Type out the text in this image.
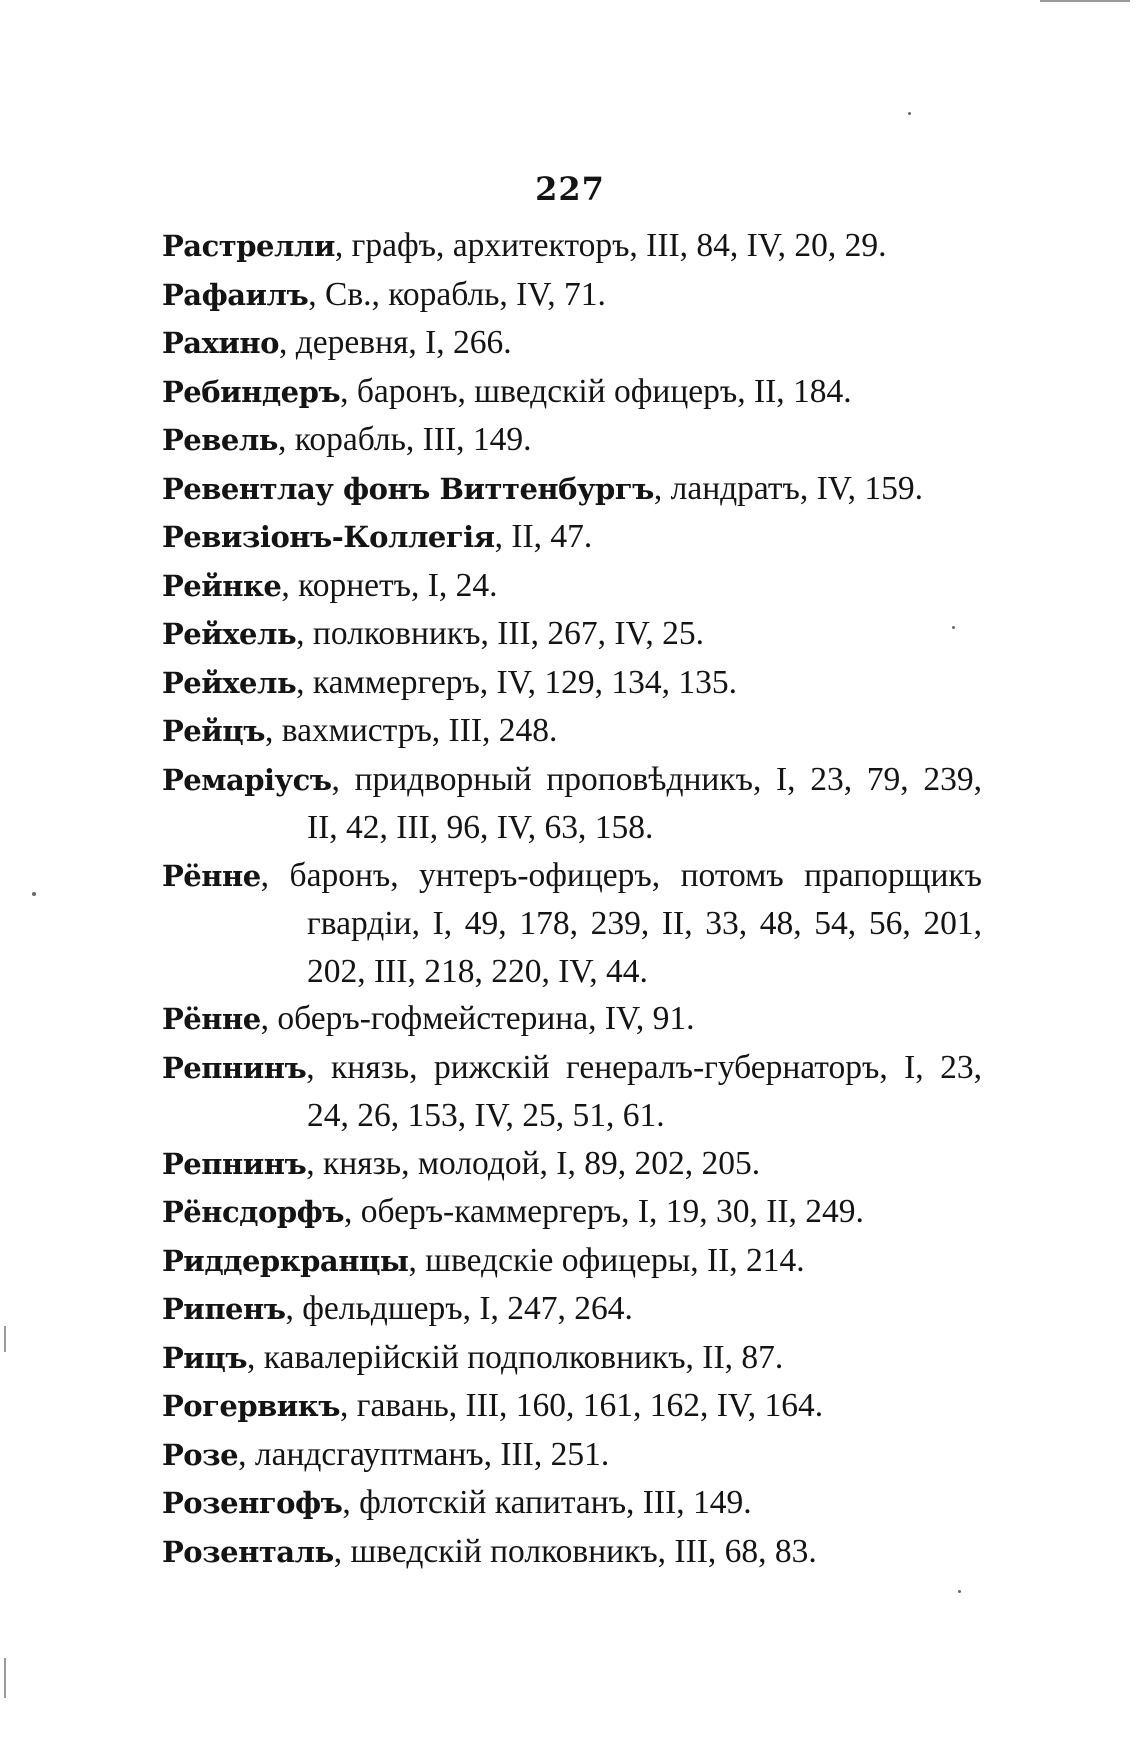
227
Растрелли, графъ, архитекторъ, III, 84, IV, 20, 29.
Рафаилъ, Св., корабль, IV, 71.
Рахино, деревня, I, 266.
Ребиндеръ, баронъ, шведскій офицеръ, II, 184.
Ревель, корабль, III, 149.
Ревентлау фонъ Виттенбургъ, ландратъ, IV, 159.
Ревизіонъ-Коллегія, II, 47.
Рейнке, корнетъ, I, 24.
Рейхель, полковникъ, III, 267, IV, 25.
Рейхель, каммергеръ, IV, 129, 134, 135.
Рейцъ, вахмистръ, III, 248.
Ремаріусъ, придворный проповѣдникъ, I, 23, 79, 239, II, 42, III, 96, IV, 63, 158.
Рённе, баронъ, унтеръ-офицеръ, потомъ прапорщикъ гвардіи, I, 49, 178, 239, II, 33, 48, 54, 56, 201, 202, III, 218, 220, IV, 44.
Рённе, оберъ-гофмейстерина, IV, 91.
Репнинъ, князь, рижскій генералъ-губернаторъ, I, 23, 24, 26, 153, IV, 25, 51, 61.
Репнинъ, князь, молодой, I, 89, 202, 205.
Рёнсдорфъ, оберъ-каммергеръ, I, 19, 30, II, 249.
Риддеркранцы, шведскіе офицеры, II, 214.
Рипенъ, фельдшеръ, I, 247, 264.
Рицъ, кавалерійскій подполковникъ, II, 87.
Рогервикъ, гавань, III, 160, 161, 162, IV, 164.
Розе, ландсгауптманъ, III, 251.
Розенгофъ, флотскій капитанъ, III, 149.
Розенталь, шведскій полковникъ, III, 68, 83.
